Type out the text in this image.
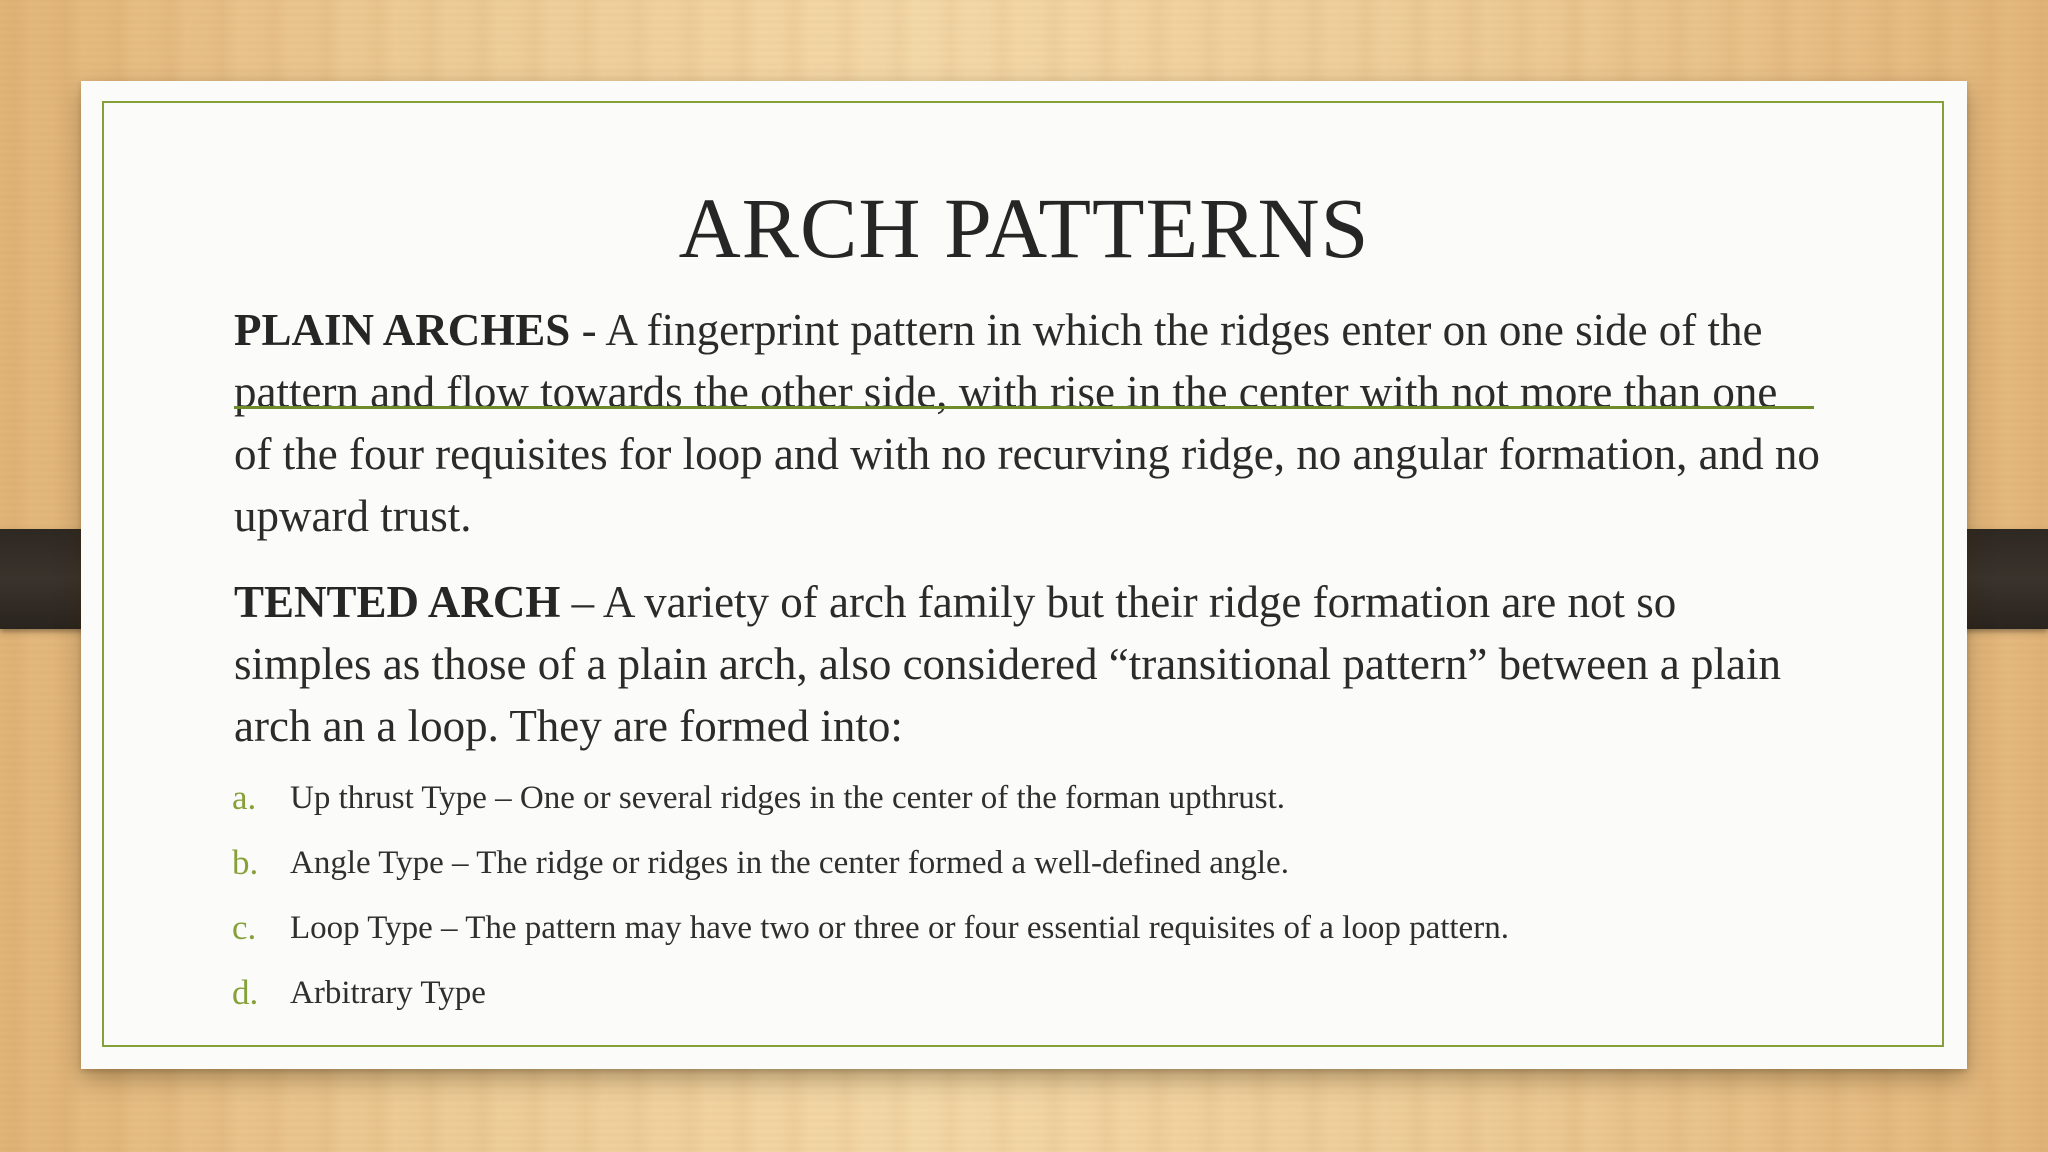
ARCH PATTERNS

PLAIN ARCHES - A fingerprint pattern in which the ridges enter on one side of the pattern and flow towards the other side, with rise in the center with not more than one of the four requisites for loop and with no recurving ridge, no angular formation, and no upward trust.

TENTED ARCH – A variety of arch family but their ridge formation are not so simples as those of a plain arch, also considered “transitional pattern” between a plain arch an a loop. They are formed into:

a. Up thrust Type – One or several ridges in the center of the forman upthrust.
b. Angle Type – The ridge or ridges in the center formed a well-defined angle.
c. Loop Type – The pattern may have two or three or four essential requisites of a loop pattern.
d. Arbitrary Type
